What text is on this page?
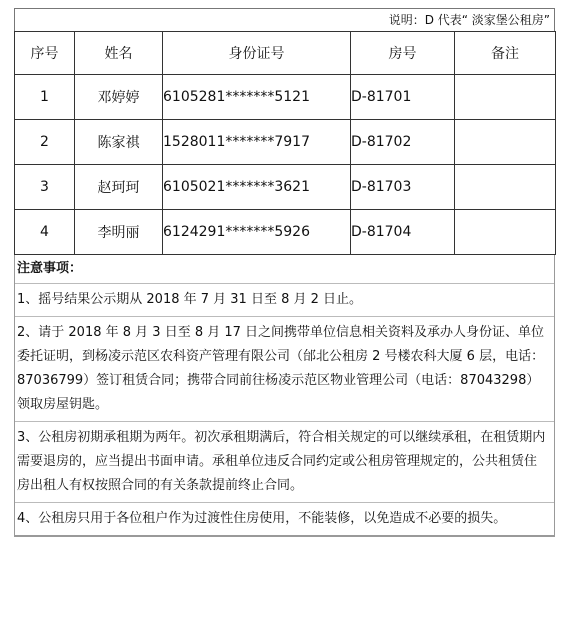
说明：D 代表“ 淡家堡公租房”
序号	姓名	身份证号	房号	备注
1	邓婷婷	6105281*******5121	D-81701	
2	陈家祺	1528011*******7917	D-81702	
3	赵珂珂	6105021*******3621	D-81703	
4	李明丽	6124291*******5926	D-81704	
注意事项：
1、摇号结果公示期从 2018 年 7 月 31 日至 8 月 2 日止。
2、请于 2018 年 8 月 3 日至 8 月 17 日之间携带单位信息相关资料及承办人身份证、单位委托证明，到杨凌示范区农科资产管理有限公司（邰北公租房 2 号楼农科大厦 6 层，电话：87036799）签订租赁合同；携带合同前往杨凌示范区物业管理公司（电话：87043298）领取房屋钥匙。
3、公租房初期承租期为两年。初次承租期满后，符合相关规定的可以继续承租，在租赁期内需要退房的，应当提出书面申请。承租单位违反合同约定或公租房管理规定的，公共租赁住房出租人有权按照合同的有关条款提前终止合同。
4、公租房只用于各位租户作为过渡性住房使用，不能装修，以免造成不必要的损失。
